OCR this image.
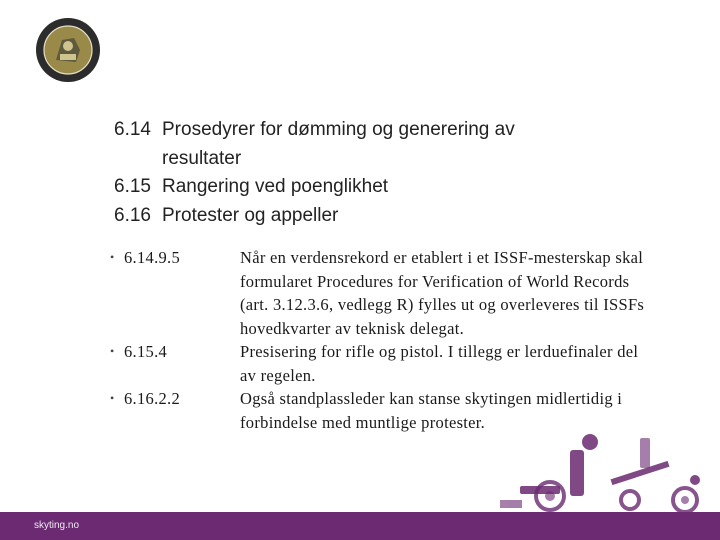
6.14 Prosedyrer for dømming og generering av

resultater

6.15 Rangering ved poenglikhet

6.16 Protester og appeller

• 6.14.9.5	Når en verdensrekord er etablert i et ISSF-mesterskap skal formularet Procedures for Verification of World Records (art. 3.12.3.6, vedlegg R) fylles ut og overleveres til ISSFs hovedkvarter av teknisk delegat.
• 6.15.4	Presisering for rifle og pistol. I tillegg er lerduefinaler del av regelen.
• 6.16.2.2	Også standplassleder kan stanse skytingen midlertidig i forbindelse med muntlige protester.
skyting.no
